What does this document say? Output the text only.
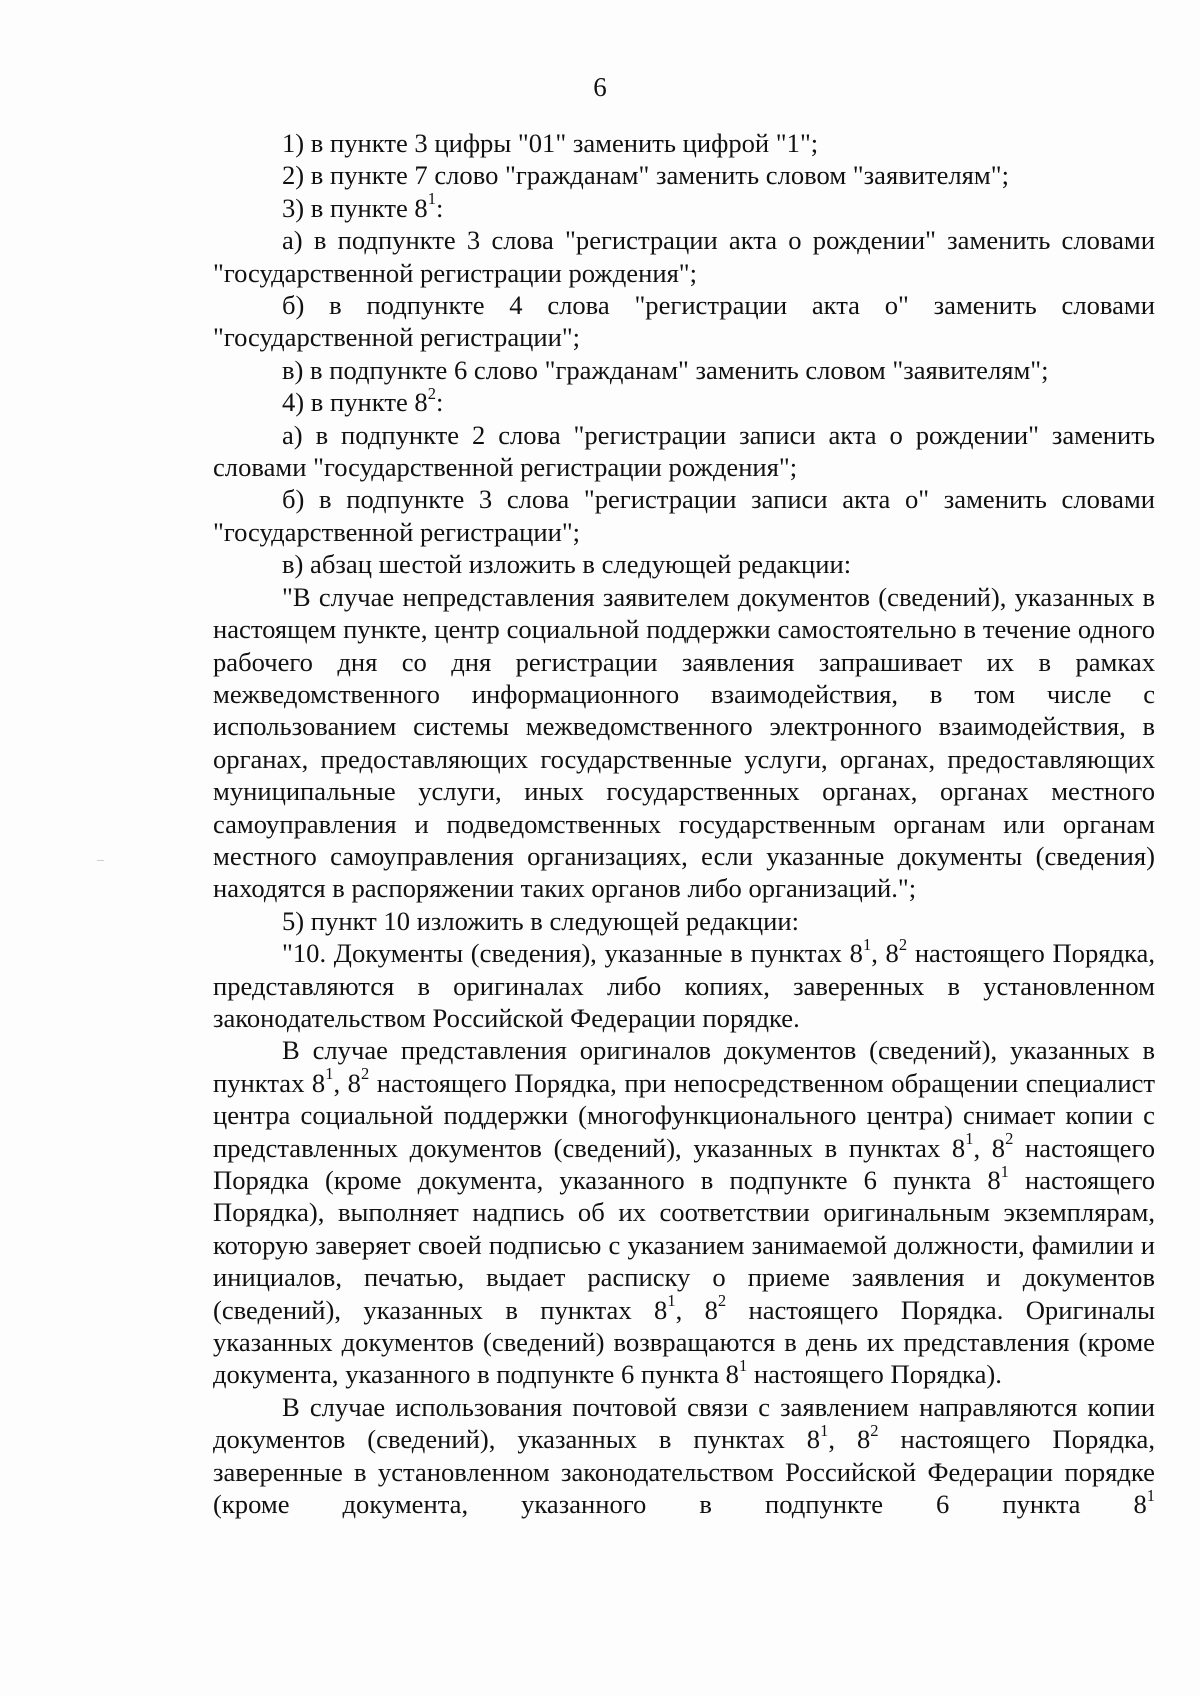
6

1) в пункте 3 цифры "01" заменить цифрой "1";

2) в пункте 7 слово "гражданам" заменить словом "заявителям";

3) в пункте $8^1$:

а) в подпункте 3 слова "регистрации акта о рождении" заменить словами "государственной регистрации рождения";

б) в подпункте 4 слова "регистрации акта о" заменить словами "государственной регистрации";

в) в подпункте 6 слово "гражданам" заменить словом "заявителям";

4) в пункте $8^2$:

а) в подпункте 2 слова "регистрации записи акта о рождении" заменить словами "государственной регистрации рождения";

б) в подпункте 3 слова "регистрации записи акта о" заменить словами "государственной регистрации";

в) абзац шестой изложить в следующей редакции:

"В случае непредставления заявителем документов (сведений), указанных в настоящем пункте, центр социальной поддержки самостоятельно в течение одного рабочего дня со дня регистрации заявления запрашивает их в рамках межведомственного информационного взаимодействия, в том числе с использованием системы межведомственного электронного взаимодействия, в органах, предоставляющих государственные услуги, органах, предоставляющих муниципальные услуги, иных государственных органах, органах местного самоуправления и подведомственных государственным органам или органам местного самоуправления организациях, если указанные документы (сведения) находятся в распоряжении таких органов либо организаций.";

5) пункт 10 изложить в следующей редакции:

"10. Документы (сведения), указанные в пунктах $8^1$, $8^2$ настоящего Порядка, представляются в оригиналах либо копиях, заверенных в установленном законодательством Российской Федерации порядке.

В случае представления оригиналов документов (сведений), указанных в пунктах $8^1$, $8^2$ настоящего Порядка, при непосредственном обращении специалист центра социальной поддержки (многофункционального центра) снимает копии с представленных документов (сведений), указанных в пунктах $8^1$, $8^2$ настоящего Порядка (кроме документа, указанного в подпункте 6 пункта $8^1$ настоящего Порядка), выполняет надпись об их соответствии оригинальным экземплярам, которую заверяет своей подписью с указанием занимаемой должности, фамилии и инициалов, печатью, выдает расписку о приеме заявления и документов (сведений), указанных в пунктах $8^1$, $8^2$ настоящего Порядка. Оригиналы указанных документов (сведений) возвращаются в день их представления (кроме документа, указанного в подпункте 6 пункта $8^1$ настоящего Порядка).

В случае использования почтовой связи с заявлением направляются копии документов (сведений), указанных в пунктах $8^1$, $8^2$ настоящего Порядка, заверенные в установленном законодательством Российской Федерации порядке (кроме документа, указанного в подпункте 6 пункта $8^1$
